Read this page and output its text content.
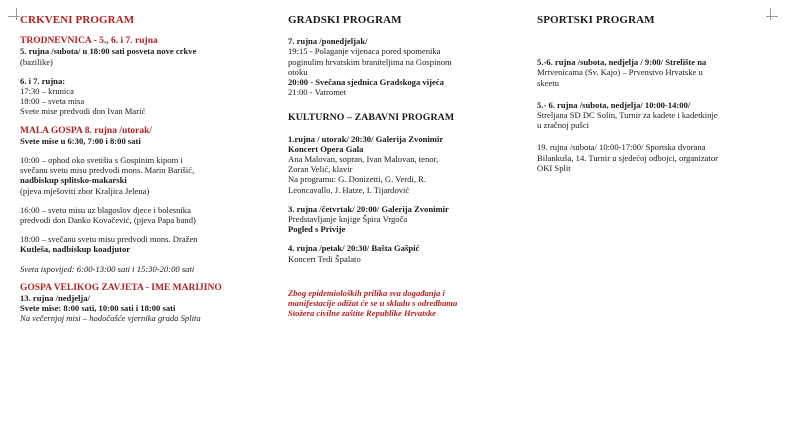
CRKVENI PROGRAM
TRODNEVNICA - 5., 6. i 7. rujna
5. rujna /subota/ u 18:00 sati posveta nove crkve
(bazilike)
6. i 7. rujna:
17:30 – krunica
18:00 – sveta misa
Svete mise predvodi don Ivan Marić
MALA GOSPA 8. rujna /utorak/
Svete mise u 6:30, 7:00 i 8:00 sati
10:00 – ophod oko svetišta s Gospinim kipom i
svečanu svetu misu predvodi mons. Marin Barišić,
nadbiskup splitsko-makarski
(pjeva mješoviti zbor Kraljica Jelena)
16:00 – svetu misu uz blagoslov djece i bolesnika
predvodi don Danko Kovačević, (pjeva Papa band)
18:00 – svečanu svetu misu predvodi mons. Dražen
Kutleša, nadbiskup koadjutor
Sveta ispovijed: 6:00-13:00 sati i 15:30-20:00 sati
GOSPA VELIKOG ZAVJETA - IME MARIJINO
13. rujna /nedjelja/
Svete mise: 8:00 sati, 10:00 sati i 18:00 sati
Na večernjoj misi – hodočašće vjernika grada Splita
GRADSKI PROGRAM
7. rujna /ponedjeljak/
19:15 - Polaganje vijenaca pored spomenika
poginulim hrvatskim braniteljima na Gospinom
otoku
20:00 - Svečana sjednica Gradskoga vijeća
21:00 - Vatromet
KULTURNO – ZABAVNI PROGRAM
1.rujna / utorak/ 20:30/ Galerija Zvonimir
Koncert Opera Gala
Ana Malovan, sopran, Ivan Malovan, tenor,
Zoran Velić, klavir
Na programu: G. Donizetti, G. Verdi, R.
Leoncavallo, J. Hatze, I. Tijardović
3. rujna /četvrtak/ 20:00/ Galerija Zvonimir
Predstavljanje knjige Špira Vrgoča
Pogled s Privije
4. rujna /petak/ 20:30/ Bašta Gašpić
Koncert Tedi Špalato
Zbog epidemioloških prilika sva događanja i
manifestacije odižat će se u skladu s odredbama
Stožera civilne zaštite Republike Hrvatske
SPORTSKI PROGRAM
5.-6. rujna /subota, nedjelja / 9:00/ Strelište na
Mrtvenicama (Sv. Kajo) – Prvenstvo Hrvatske u
skeetu
5.- 6. rujna /subota, nedjelja/ 10:00-14:00/
Streljana SD DC Solin, Turnir za kadete i kadetkinje
u zračnoj pušci
19. rujna /subota/ 10:00-17:00/ Sportska dvorana
Bilankuša, 14. Turnir u sjedećoj odbojci, organizator
OKI Split
